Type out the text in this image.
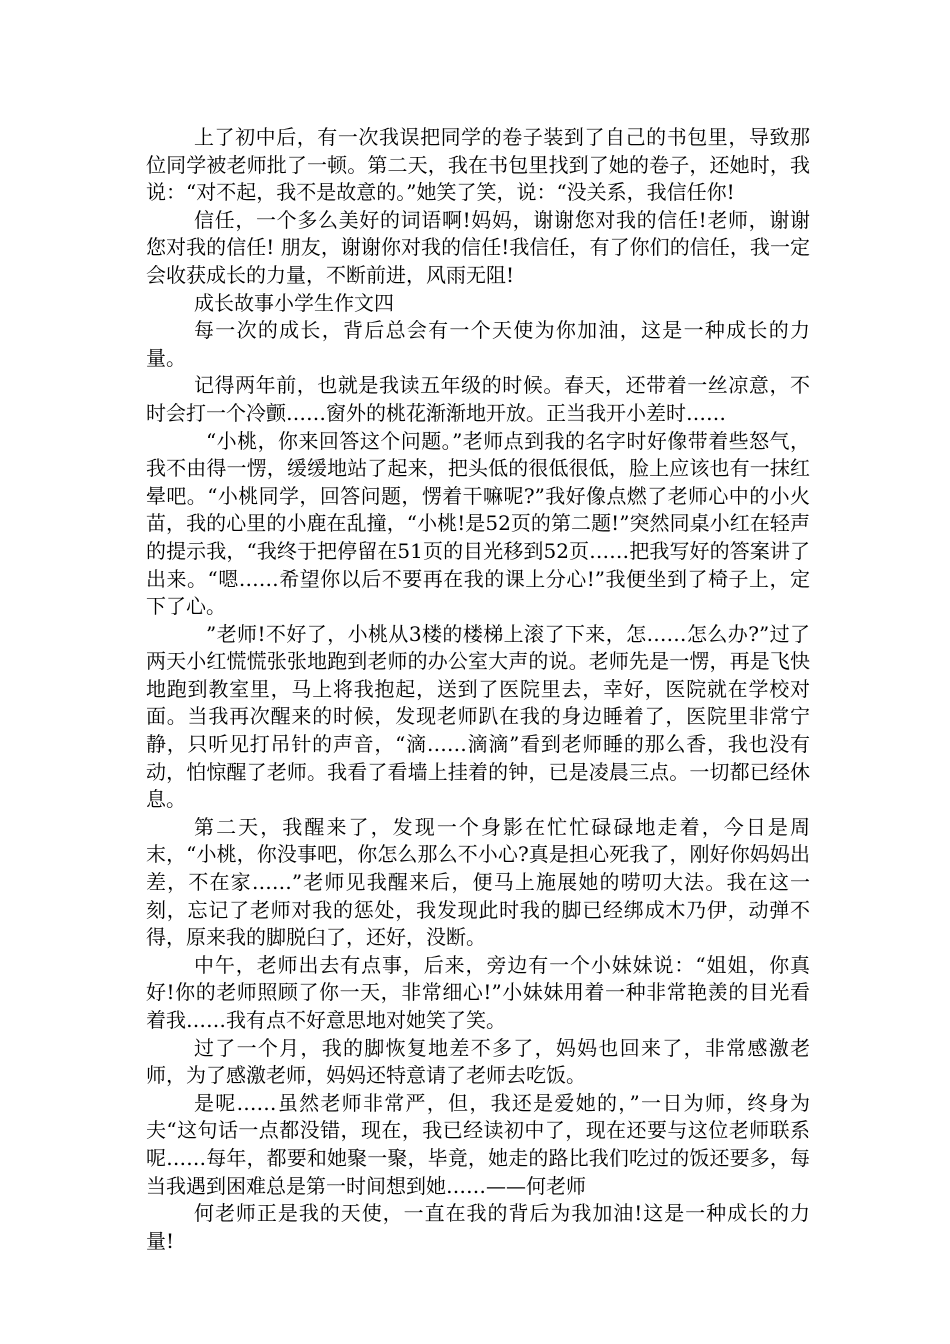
上了初中后，有一次我误把同学的卷子装到了自己的书包里，导致那位同学被老师批了一顿。第二天，我在书包里找到了她的卷子，还她时，我说：“对不起，我不是故意的。”她笑了笑，说：“没关系，我信任你!

信任，一个多么美好的词语啊!妈妈，谢谢您对我的信任!老师，谢谢您对我的信任! 朋友，谢谢你对我的信任!我信任，有了你们的信任，我一定会收获成长的力量，不断前进，风雨无阻!

成长故事小学生作文四

每一次的成长，背后总会有一个天使为你加油，这是一种成长的力量。

记得两年前，也就是我读五年级的时候。春天，还带着一丝凉意，不时会打一个冷颤……窗外的桃花渐渐地开放。正当我开小差时……

“小桃，你来回答这个问题。”老师点到我的名字时好像带着些怒气，我不由得一愣，缓缓地站了起来，把头低的很低很低，脸上应该也有一抹红晕吧。“小桃同学，回答问题，愣着干嘛呢?”我好像点燃了老师心中的小火苗，我的心里的小鹿在乱撞，“小桃!是52页的第二题!”突然同桌小红在轻声的提示我，“我终于把停留在51页的目光移到52页……把我写好的答案讲了出来。“嗯……希望你以后不要再在我的课上分心!”我便坐到了椅子上，定下了心。

”老师!不好了，小桃从3楼的楼梯上滚了下来，怎……怎么办?”过了两天小红慌慌张张地跑到老师的办公室大声的说。老师先是一愣，再是飞快地跑到教室里，马上将我抱起，送到了医院里去，幸好，医院就在学校对面。当我再次醒来的时候，发现老师趴在我的身边睡着了，医院里非常宁静，只听见打吊针的声音，“滴……滴滴”看到老师睡的那么香，我也没有动，怕惊醒了老师。我看了看墙上挂着的钟，已是凌晨三点。一切都已经休息。

第二天，我醒来了，发现一个身影在忙忙碌碌地走着，今日是周末，“小桃，你没事吧，你怎么那么不小心?真是担心死我了，刚好你妈妈出差，不在家……”老师见我醒来后，便马上施展她的唠叨大法。我在这一刻，忘记了老师对我的惩处，我发现此时我的脚已经绑成木乃伊，动弹不得，原来我的脚脱臼了，还好，没断。

中午，老师出去有点事，后来，旁边有一个小妹妹说：“姐姐，你真好!你的老师照顾了你一天，非常细心!”小妹妹用着一种非常艳羡的目光看着我……我有点不好意思地对她笑了笑。

过了一个月，我的脚恢复地差不多了，妈妈也回来了，非常感激老师，为了感激老师，妈妈还特意请了老师去吃饭。

是呢……虽然老师非常严，但，我还是爱她的，”一日为师，终身为夫“这句话一点都没错，现在，我已经读初中了，现在还要与这位老师联系呢……每年，都要和她聚一聚，毕竟，她走的路比我们吃过的饭还要多，每当我遇到困难总是第一时间想到她……——何老师

何老师正是我的天使，一直在我的背后为我加油!这是一种成长的力量!
